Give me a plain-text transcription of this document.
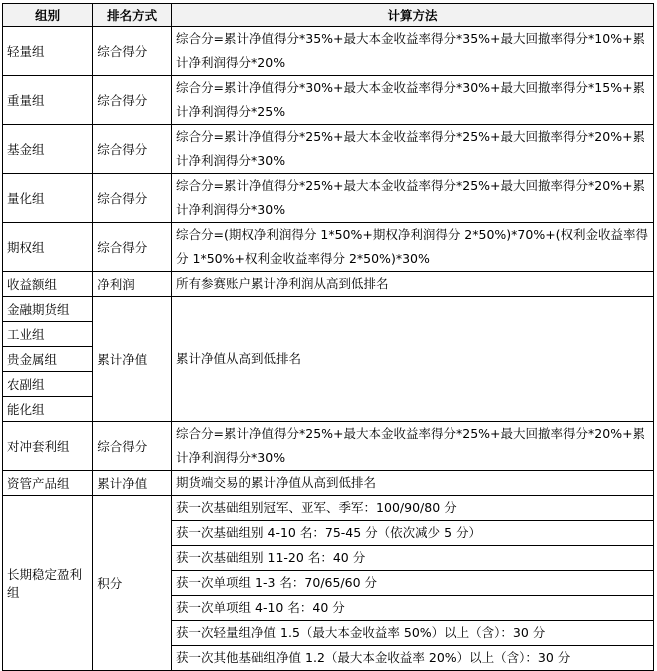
组别	排名方式	计算方法
轻量组	综合得分	综合分=累计净值得分*35%+最大本金收益率得分*35%+最大回撤率得分*10%+累计净利润得分*20%
重量组	综合得分	综合分=累计净值得分*30%+最大本金收益率得分*30%+最大回撤率得分*15%+累计净利润得分*25%
基金组	综合得分	综合分=累计净值得分*25%+最大本金收益率得分*25%+最大回撤率得分*20%+累计净利润得分*30%
量化组	综合得分	综合分=累计净值得分*25%+最大本金收益率得分*25%+最大回撤率得分*20%+累计净利润得分*30%
期权组	综合得分	综合分=(期权净利润得分 1*50%+期权净利润得分 2*50%)*70%+(权利金收益率得分 1*50%+权利金收益率得分 2*50%)*30%
收益额组	净利润	所有参赛账户累计净利润从高到低排名
金融期货组	累计净值	累计净值从高到低排名
工业组		
贵金属组		
农副组		
能化组		
对冲套利组	综合得分	综合分=累计净值得分*25%+最大本金收益率得分*25%+最大回撤率得分*20%+累计净利润得分*30%
资管产品组	累计净值	期货端交易的累计净值从高到低排名
长期稳定盈利组	积分	获一次基础组别冠军、亚军、季军：100/90/80 分
		获一次基础组别 4-10 名：75-45 分（依次减少 5 分）
		获一次基础组别 11-20 名：40 分
		获一次单项组 1-3 名：70/65/60 分
		获一次单项组 4-10 名：40 分
		获一次轻量组净值 1.5（最大本金收益率 50%）以上（含）：30 分
		获一次其他基础组净值 1.2（最大本金收益率 20%）以上（含）：30 分
